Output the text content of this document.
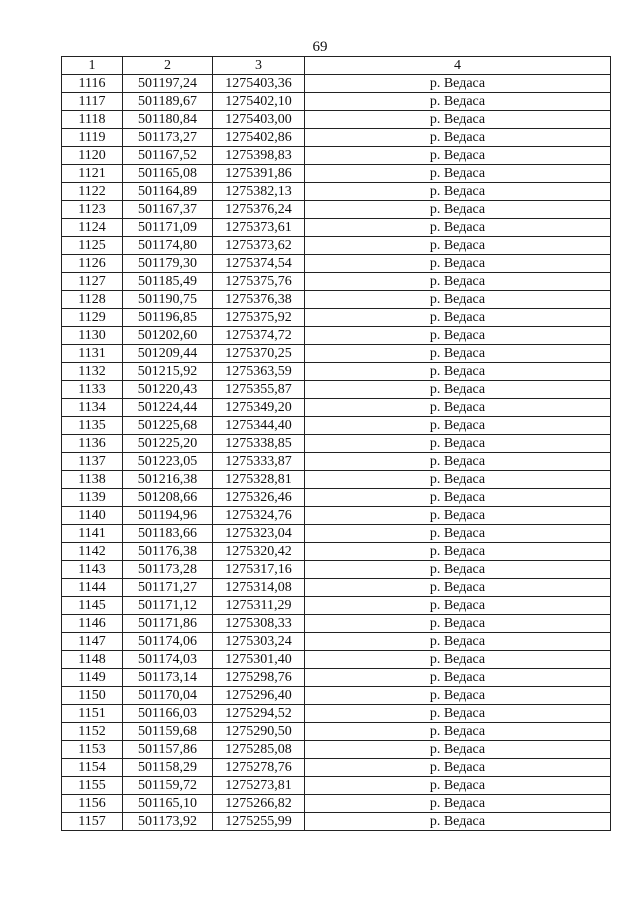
69
1	2	3	4
1116	501197,24	1275403,36	р. Ведаса
1117	501189,67	1275402,10	р. Ведаса
1118	501180,84	1275403,00	р. Ведаса
1119	501173,27	1275402,86	р. Ведаса
1120	501167,52	1275398,83	р. Ведаса
1121	501165,08	1275391,86	р. Ведаса
1122	501164,89	1275382,13	р. Ведаса
1123	501167,37	1275376,24	р. Ведаса
1124	501171,09	1275373,61	р. Ведаса
1125	501174,80	1275373,62	р. Ведаса
1126	501179,30	1275374,54	р. Ведаса
1127	501185,49	1275375,76	р. Ведаса
1128	501190,75	1275376,38	р. Ведаса
1129	501196,85	1275375,92	р. Ведаса
1130	501202,60	1275374,72	р. Ведаса
1131	501209,44	1275370,25	р. Ведаса
1132	501215,92	1275363,59	р. Ведаса
1133	501220,43	1275355,87	р. Ведаса
1134	501224,44	1275349,20	р. Ведаса
1135	501225,68	1275344,40	р. Ведаса
1136	501225,20	1275338,85	р. Ведаса
1137	501223,05	1275333,87	р. Ведаса
1138	501216,38	1275328,81	р. Ведаса
1139	501208,66	1275326,46	р. Ведаса
1140	501194,96	1275324,76	р. Ведаса
1141	501183,66	1275323,04	р. Ведаса
1142	501176,38	1275320,42	р. Ведаса
1143	501173,28	1275317,16	р. Ведаса
1144	501171,27	1275314,08	р. Ведаса
1145	501171,12	1275311,29	р. Ведаса
1146	501171,86	1275308,33	р. Ведаса
1147	501174,06	1275303,24	р. Ведаса
1148	501174,03	1275301,40	р. Ведаса
1149	501173,14	1275298,76	р. Ведаса
1150	501170,04	1275296,40	р. Ведаса
1151	501166,03	1275294,52	р. Ведаса
1152	501159,68	1275290,50	р. Ведаса
1153	501157,86	1275285,08	р. Ведаса
1154	501158,29	1275278,76	р. Ведаса
1155	501159,72	1275273,81	р. Ведаса
1156	501165,10	1275266,82	р. Ведаса
1157	501173,92	1275255,99	р. Ведаса
